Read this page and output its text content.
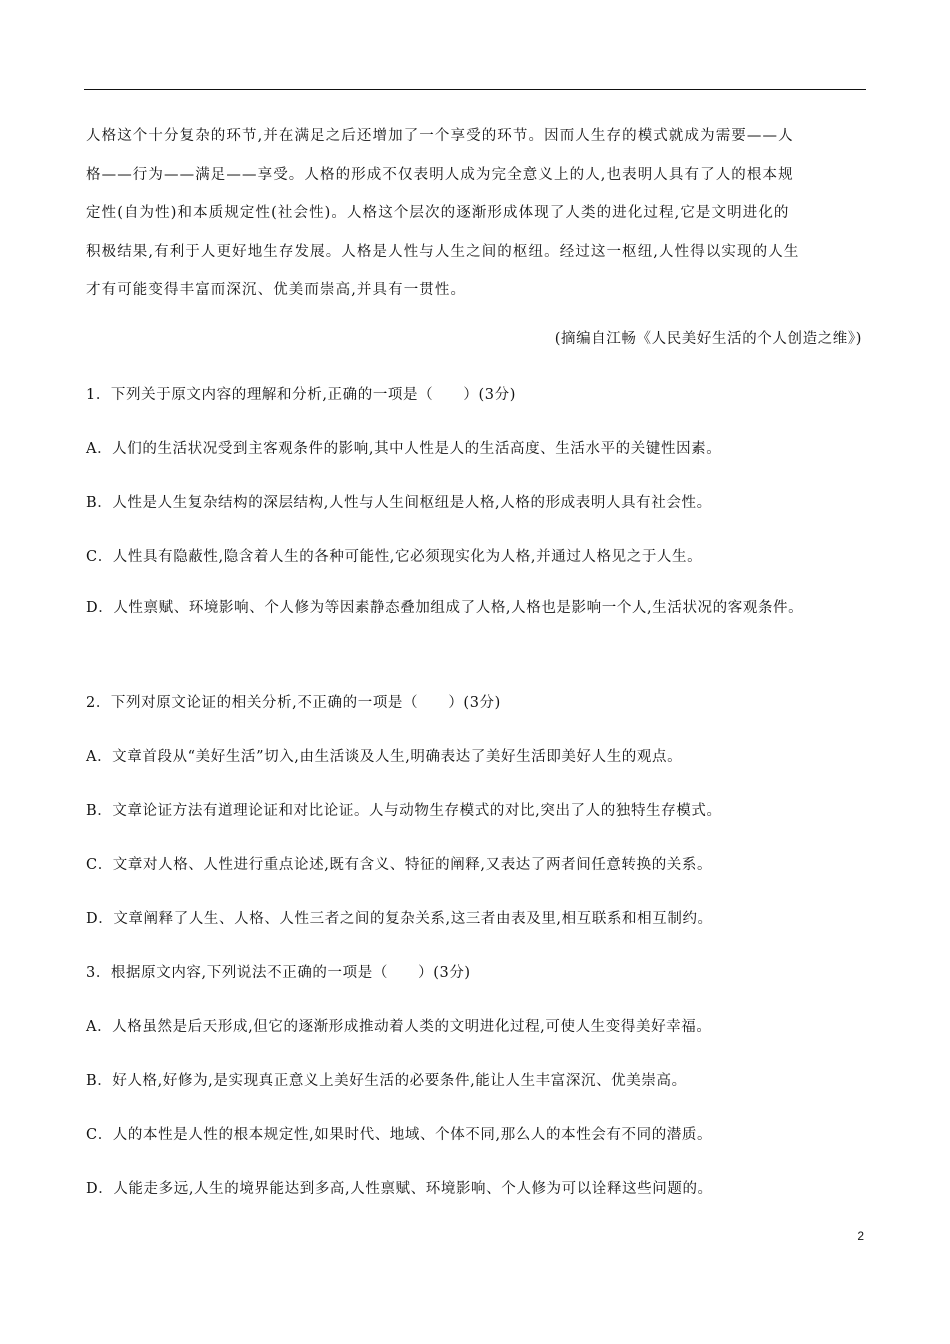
人格这个十分复杂的环节,并在满足之后还增加了一个享受的环节。因而人生存的模式就成为需要——人
格——行为——满足——享受。人格的形成不仅表明人成为完全意义上的人,也表明人具有了人的根本规
定性(自为性)和本质规定性(社会性)。人格这个层次的逐渐形成体现了人类的进化过程,它是文明进化的
积极结果,有利于人更好地生存发展。人格是人性与人生之间的枢纽。经过这一枢纽,人性得以实现的人生
才有可能变得丰富而深沉、优美而崇高,并具有一贯性。
(摘编自江畅《人民美好生活的个人创造之维》)
1．下列关于原文内容的理解和分析,正确的一项是（　　）(3分)
A．人们的生活状况受到主客观条件的影响,其中人性是人的生活高度、生活水平的关键性因素。
B．人性是人生复杂结构的深层结构,人性与人生间枢纽是人格,人格的形成表明人具有社会性。
C．人性具有隐蔽性,隐含着人生的各种可能性,它必须现实化为人格,并通过人格见之于人生。
D．人性禀赋、环境影响、个人修为等因素静态叠加组成了人格,人格也是影响一个人,生活状况的客观条件。
2．下列对原文论证的相关分析,不正确的一项是（　　）(3分)
A．文章首段从“美好生活”切入,由生活谈及人生,明确表达了美好生活即美好人生的观点。
B．文章论证方法有道理论证和对比论证。人与动物生存模式的对比,突出了人的独特生存模式。
C．文章对人格、人性进行重点论述,既有含义、特征的阐释,又表达了两者间任意转换的关系。
D．文章阐释了人生、人格、人性三者之间的复杂关系,这三者由表及里,相互联系和相互制约。
3．根据原文内容,下列说法不正确的一项是（　　）(3分)
A．人格虽然是后天形成,但它的逐渐形成推动着人类的文明进化过程,可使人生变得美好幸福。
B．好人格,好修为,是实现真正意义上美好生活的必要条件,能让人生丰富深沉、优美崇高。
C．人的本性是人性的根本规定性,如果时代、地域、个体不同,那么人的本性会有不同的潜质。
D．人能走多远,人生的境界能达到多高,人性禀赋、环境影响、个人修为可以诠释这些问题的。
2
